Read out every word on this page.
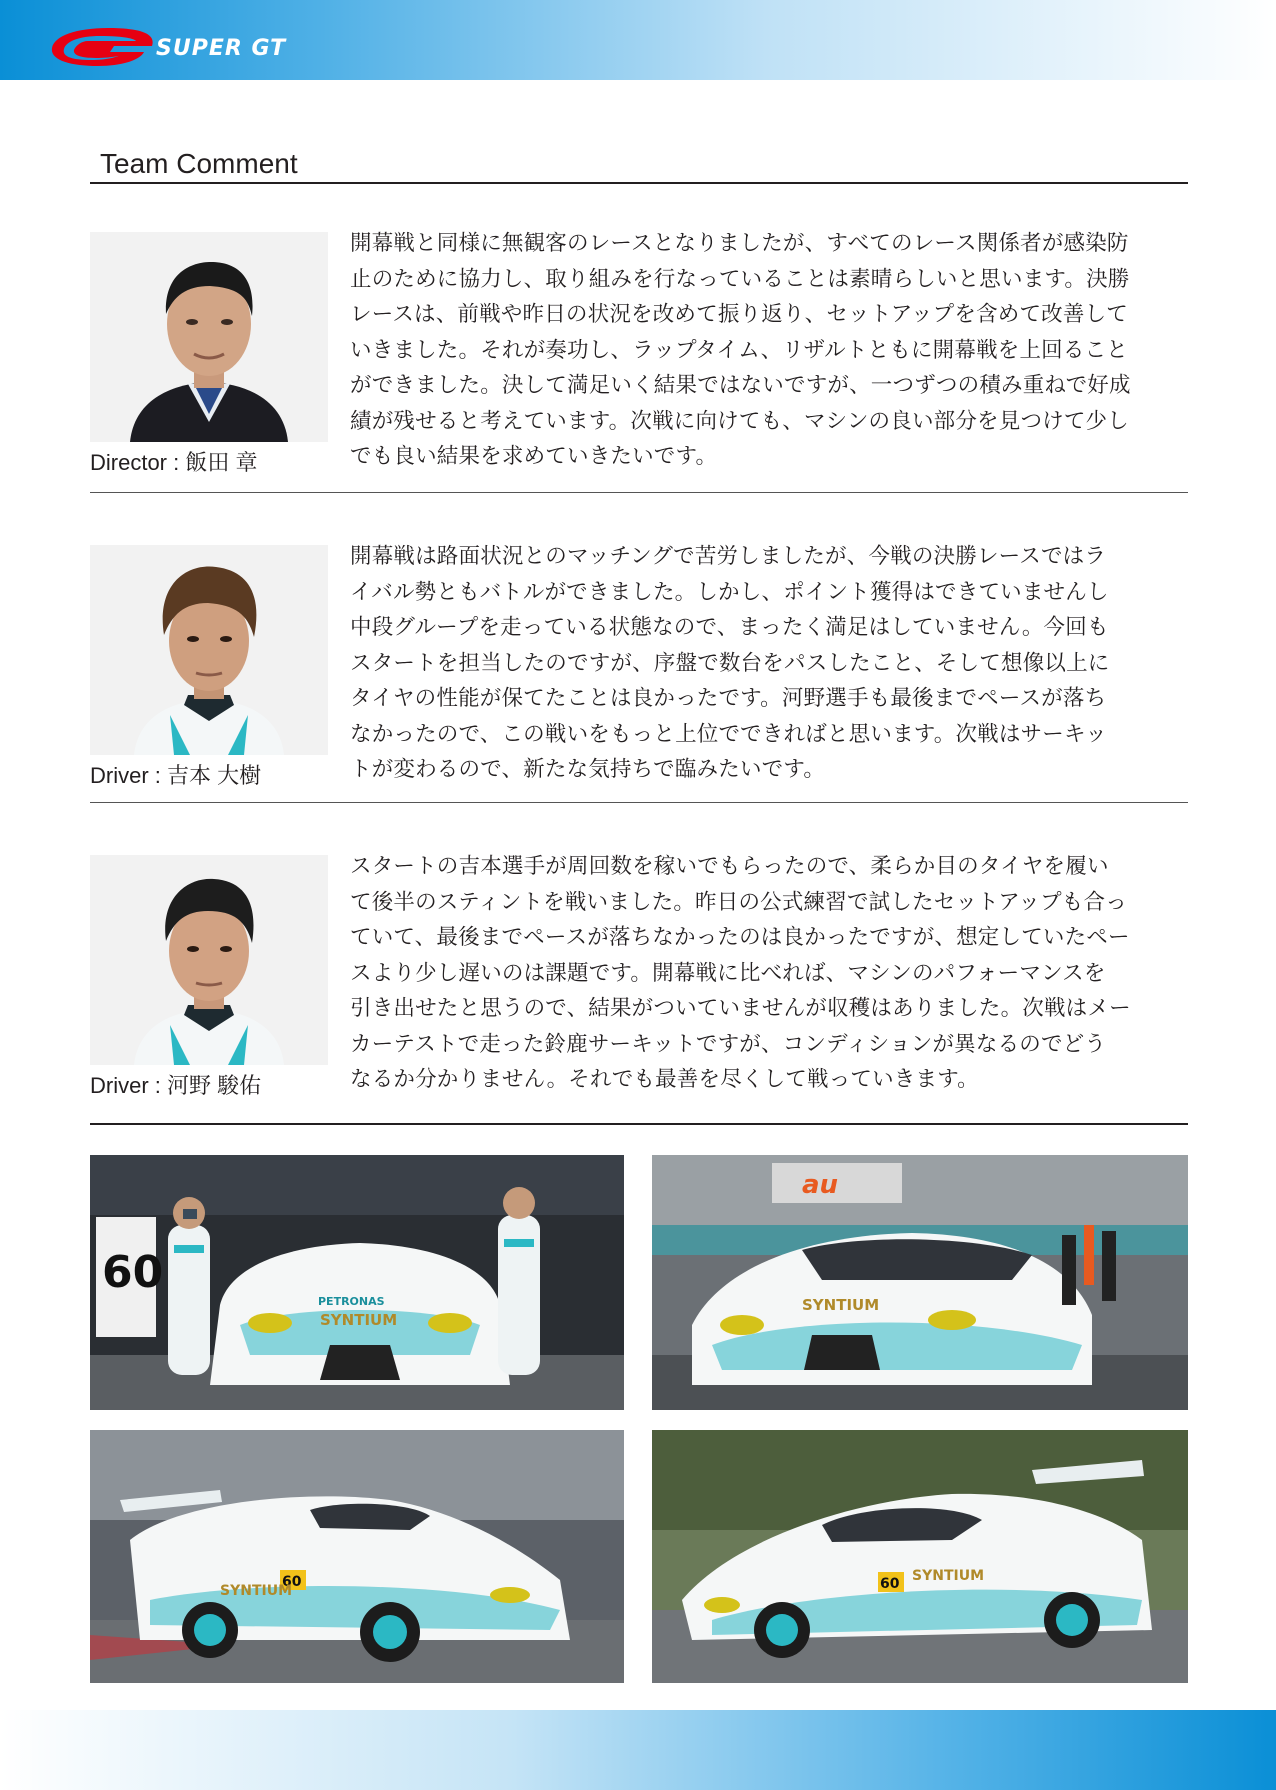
SUPER GT
Team Comment
Director : 飯田 章
開幕戦と同様に無観客のレースとなりましたが、すべてのレース関係者が感染防
止のために協力し、取り組みを行なっていることは素晴らしいと思います。決勝
レースは、前戦や昨日の状況を改めて振り返り、セットアップを含めて改善して
いきました。それが奏功し、ラップタイム、リザルトともに開幕戦を上回ること
ができました。決して満足いく結果ではないですが、一つずつの積み重ねで好成
績が残せると考えています。次戦に向けても、マシンの良い部分を見つけて少し
でも良い結果を求めていきたいです。
Driver : 吉本 大樹
開幕戦は路面状況とのマッチングで苦労しましたが、今戦の決勝レースではラ
イバル勢ともバトルができました。しかし、ポイント獲得はできていませんし
中段グループを走っている状態なので、まったく満足はしていません。今回も
スタートを担当したのですが、序盤で数台をパスしたこと、そして想像以上に
タイヤの性能が保てたことは良かったです。河野選手も最後までペースが落ち
なかったので、この戦いをもっと上位でできればと思います。次戦はサーキッ
トが変わるので、新たな気持ちで臨みたいです。
Driver : 河野 駿佑
スタートの吉本選手が周回数を稼いでもらったので、柔らか目のタイヤを履い
て後半のスティントを戦いました。昨日の公式練習で試したセットアップも合っ
ていて、最後までペースが落ちなかったのは良かったですが、想定していたペー
スより少し遅いのは課題です。開幕戦に比べれば、マシンのパフォーマンスを
引き出せたと思うので、結果がついていませんが収穫はありました。次戦はメー
カーテストで走った鈴鹿サーキットですが、コンディションが異なるのでどう
なるか分かりません。それでも最善を尽くして戦っていきます。
60
PETRONAS
SYNTIUM
au
SYNTIUM
60
SYNTIUM	60 SYNTIUM
